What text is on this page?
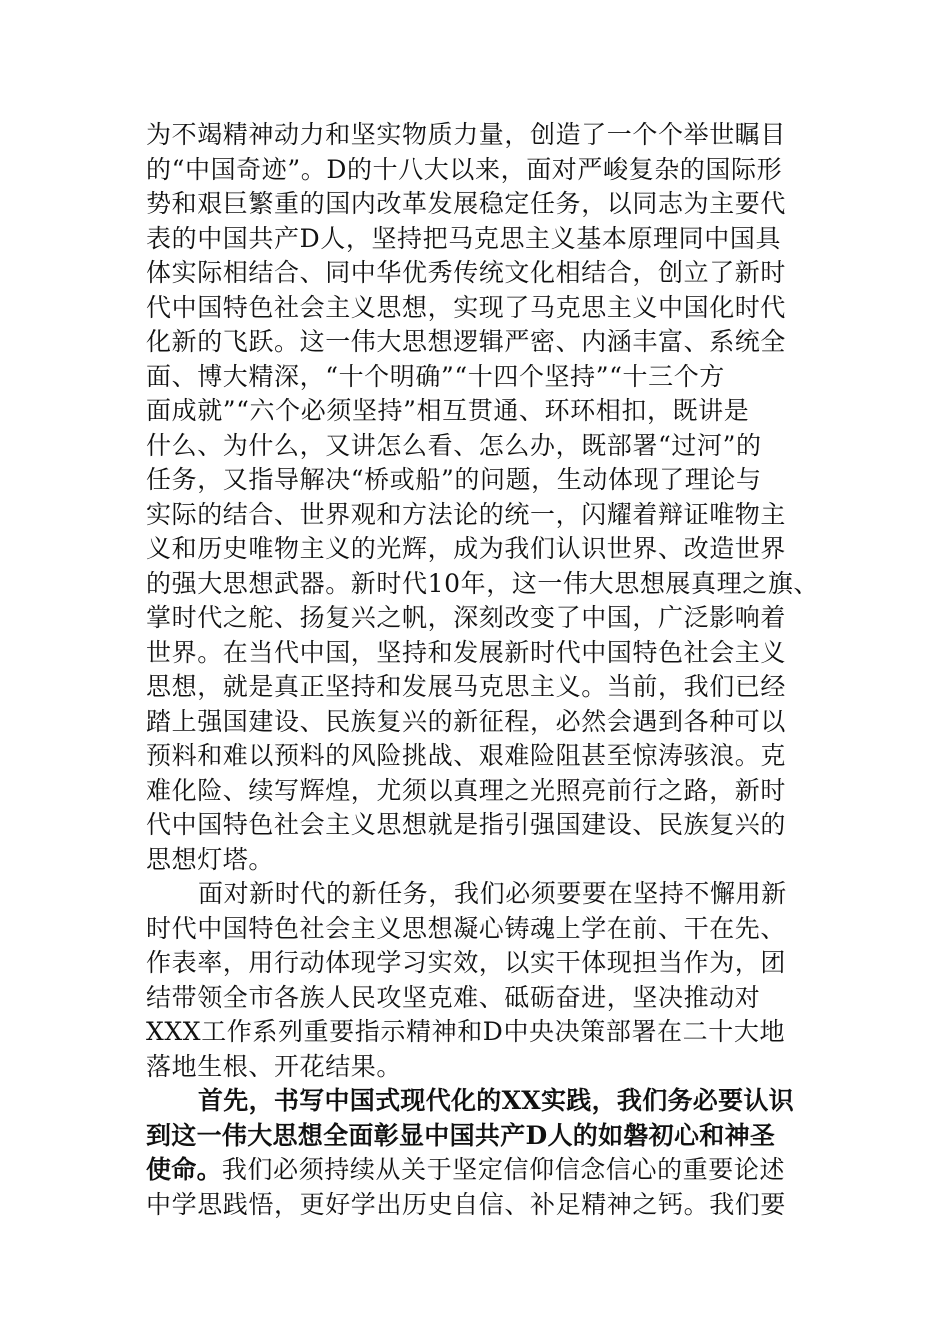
为不竭精神动力和坚实物质力量，创造了一个个举世瞩目
的“中国奇迹”。D的十八大以来，面对严峻复杂的国际形
势和艰巨繁重的国内改革发展稳定任务，以同志为主要代
表的中国共产D人，坚持把马克思主义基本原理同中国具
体实际相结合、同中华优秀传统文化相结合，创立了新时
代中国特色社会主义思想，实现了马克思主义中国化时代
化新的飞跃。这一伟大思想逻辑严密、内涵丰富、系统全
面、博大精深，“十个明确”“十四个坚持”“十三个方
面成就”“六个必须坚持”相互贯通、环环相扣，既讲是
什么、为什么，又讲怎么看、怎么办，既部署“过河”的
任务，又指导解决“桥或船”的问题，生动体现了理论与
实际的结合、世界观和方法论的统一，闪耀着辩证唯物主
义和历史唯物主义的光辉，成为我们认识世界、改造世界
的强大思想武器。新时代10年，这一伟大思想展真理之旗、
掌时代之舵、扬复兴之帆，深刻改变了中国，广泛影响着
世界。在当代中国，坚持和发展新时代中国特色社会主义
思想，就是真正坚持和发展马克思主义。当前，我们已经
踏上强国建设、民族复兴的新征程，必然会遇到各种可以
预料和难以预料的风险挑战、艰难险阻甚至惊涛骇浪。克
难化险、续写辉煌，尤须以真理之光照亮前行之路，新时
代中国特色社会主义思想就是指引强国建设、民族复兴的
思想灯塔。
面对新时代的新任务，我们必须要要在坚持不懈用新
时代中国特色社会主义思想凝心铸魂上学在前、干在先、
作表率，用行动体现学习实效，以实干体现担当作为，团
结带领全市各族人民攻坚克难、砥砺奋进，坚决推动对
XXX工作系列重要指示精神和D中央决策部署在二十大地
落地生根、开花结果。
首先，书写中国式现代化的XX实践，我们务必要认识
到这一伟大思想全面彰显中国共产D人的如磐初心和神圣
使命。我们必须持续从关于坚定信仰信念信心的重要论述
中学思践悟，更好学出历史自信、补足精神之钙。我们要
